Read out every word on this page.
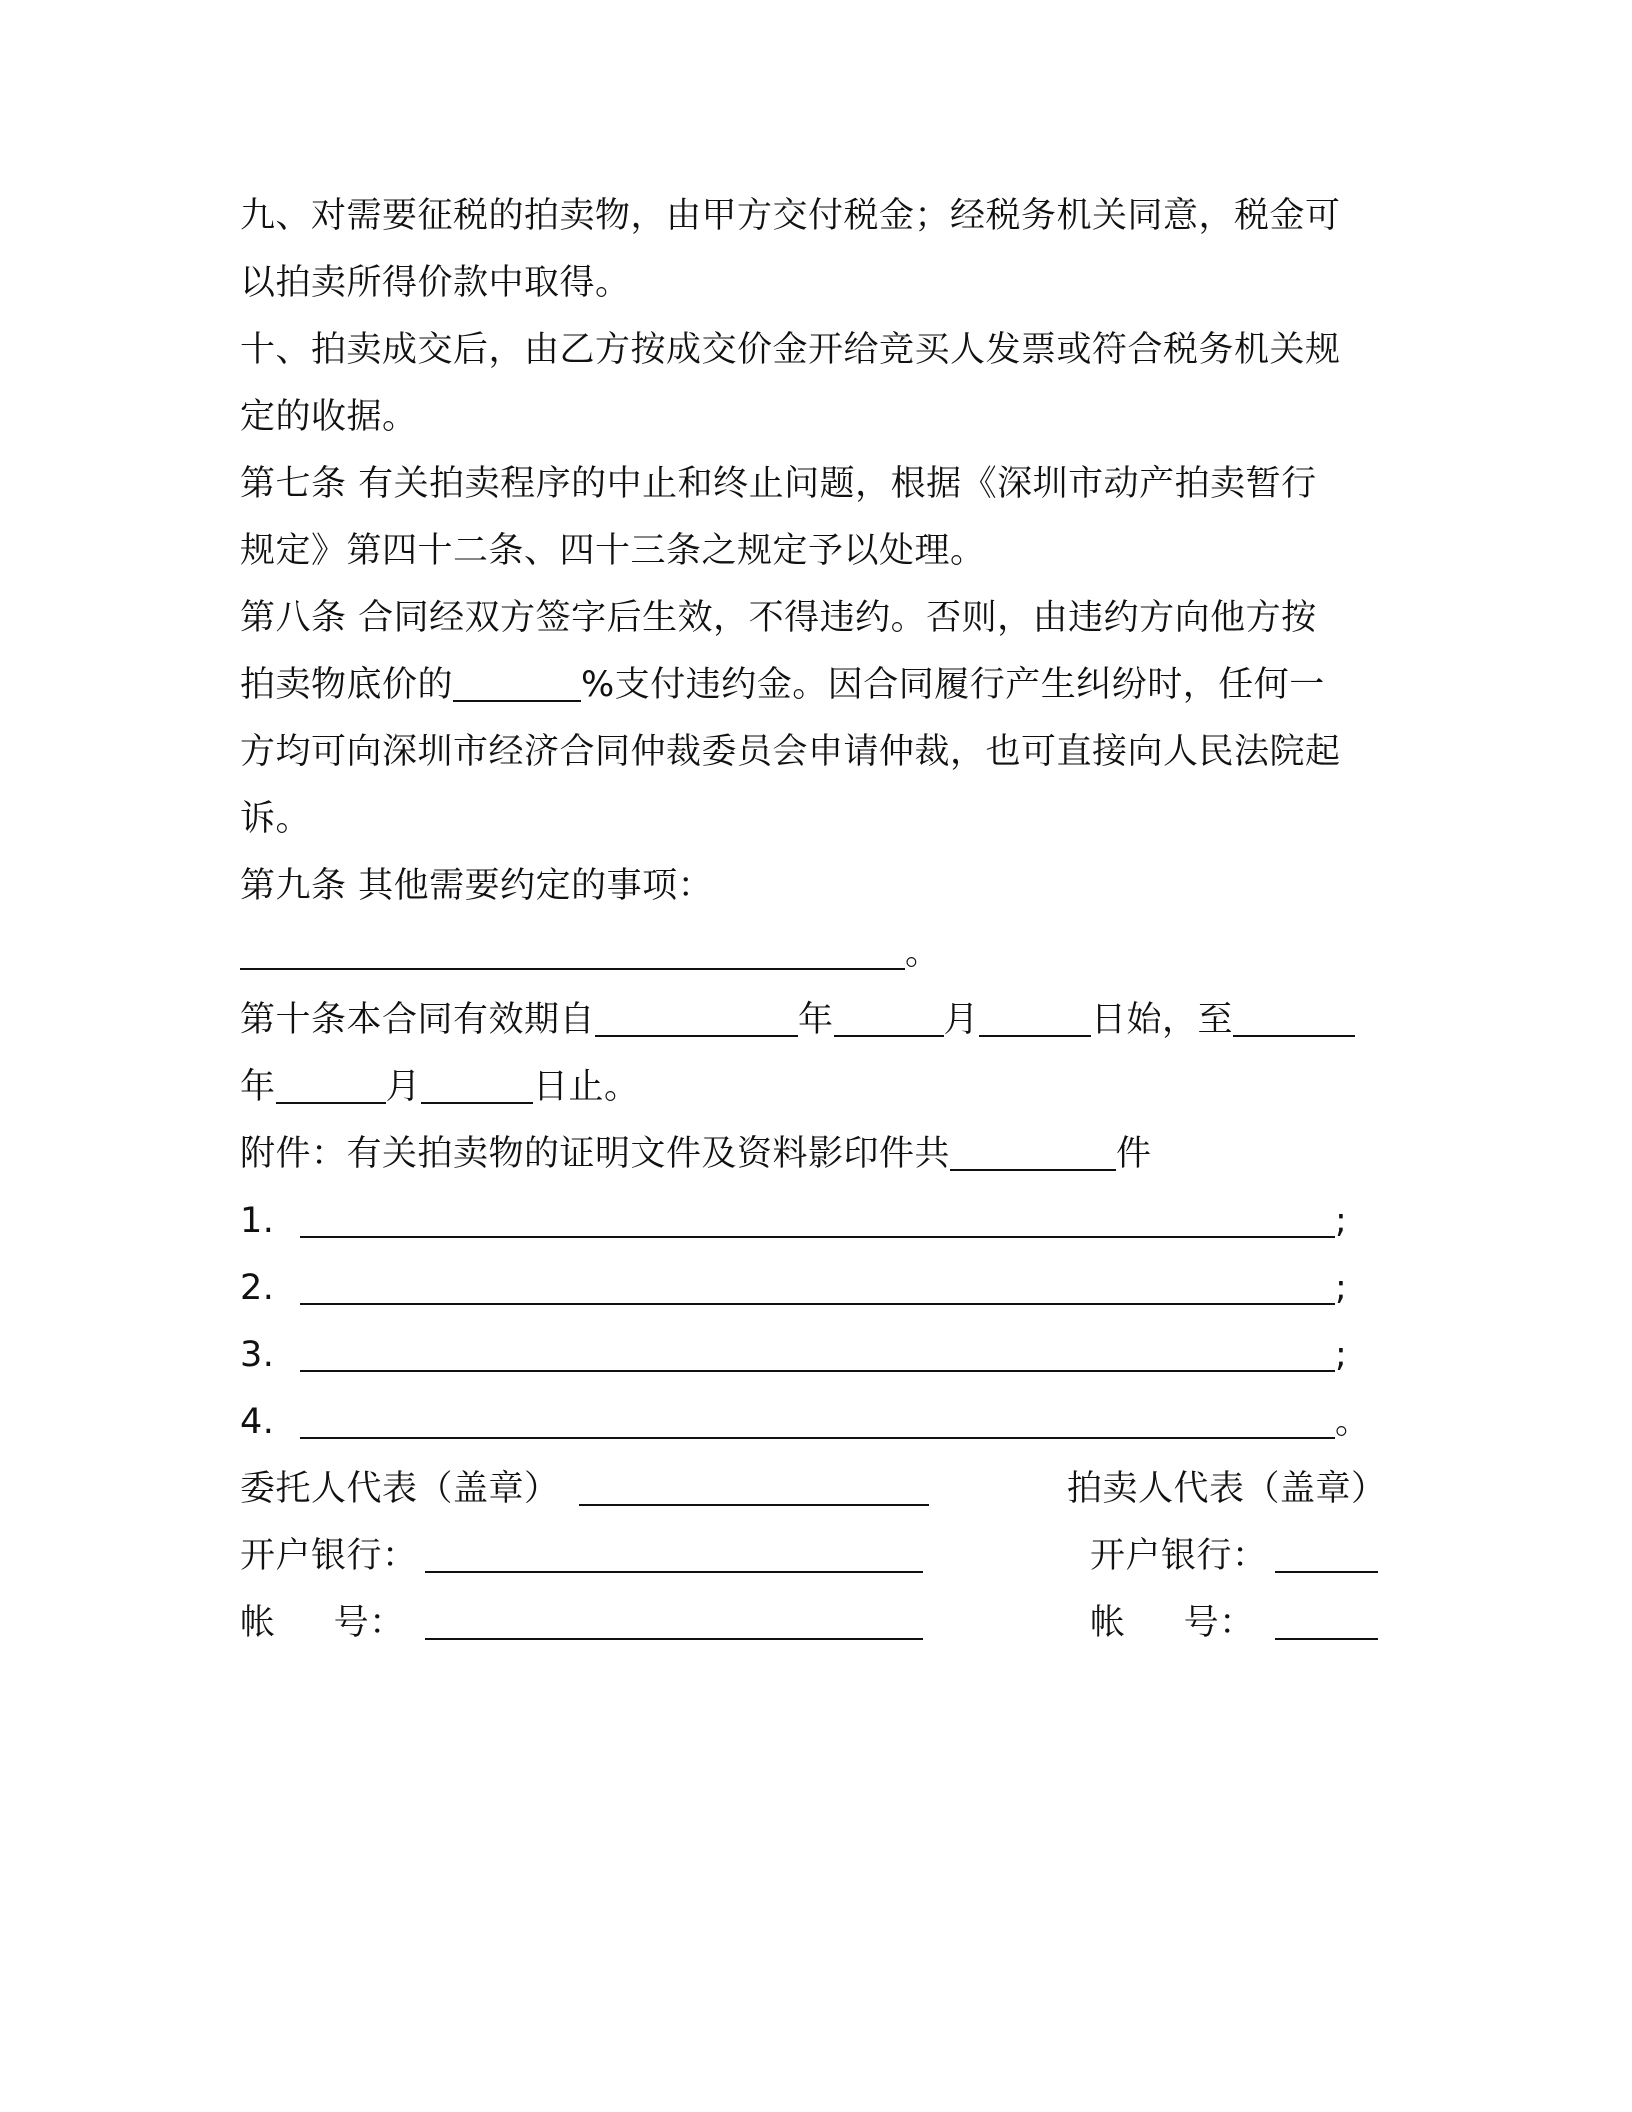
九、对需要征税的拍卖物，由甲方交付税金；经税务机关同意，税金可
以拍卖所得价款中取得。
十、拍卖成交后，由乙方按成交价金开给竞买人发票或符合税务机关规
定的收据。
第七条 有关拍卖程序的中止和终止问题，根据《深圳市动产拍卖暂行
规定》第四十二条、四十三条之规定予以处理。
第八条 合同经双方签字后生效，不得违约。否则，由违约方向他方按
拍卖物底价的	%支付违约金。因合同履行产生纠纷时，任何一
方均可向深圳市经济合同仲裁委员会申请仲裁，也可直接向人民法院起
诉。
第九条 其他需要约定的事项：
。
第十条本合同有效期自	年	月	日始，至
年	月	日止。
附件：有关拍卖物的证明文件及资料影印件共	件
1.	;
2.	;
3.	;
4.	。
委托人代表（盖章）	拍卖人代表（盖章）
开户银行：	开户银行：
帐     号：	帐     号：
